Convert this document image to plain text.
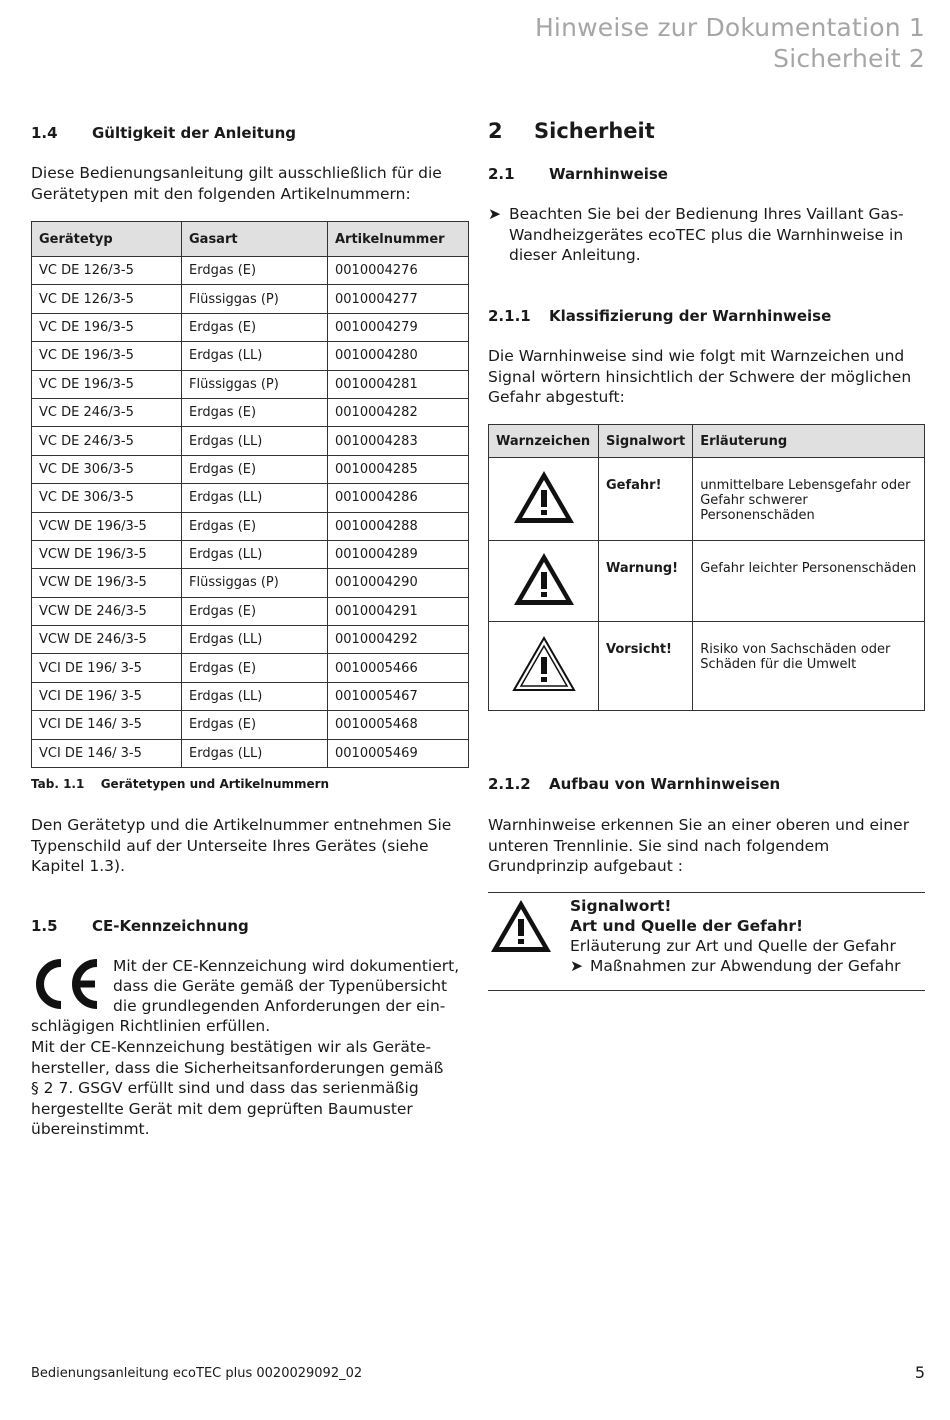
Hinweise zur Dokumentation 1
Sicherheit 2
1.4 Gültigkeit der Anleitung
Diese Bedienungsanleitung gilt ausschließlich für die Gerätetypen mit den folgenden Artikelnummern:
Gerätetyp	Gasart	Artikelnummer
VC DE 126/3-5	Erdgas (E)	0010004276
VC DE 126/3-5	Flüssiggas (P)	0010004277
VC DE 196/3-5	Erdgas (E)	0010004279
VC DE 196/3-5	Erdgas (LL)	0010004280
VC DE 196/3-5	Flüssiggas (P)	0010004281
VC DE 246/3-5	Erdgas (E)	0010004282
VC DE 246/3-5	Erdgas (LL)	0010004283
VC DE 306/3-5	Erdgas (E)	0010004285
VC DE 306/3-5	Erdgas (LL)	0010004286
VCW DE 196/3-5	Erdgas (E)	0010004288
VCW DE 196/3-5	Erdgas (LL)	0010004289
VCW DE 196/3-5	Flüssiggas (P)	0010004290
VCW DE 246/3-5	Erdgas (E)	0010004291
VCW DE 246/3-5	Erdgas (LL)	0010004292
VCI DE 196/ 3-5	Erdgas (E)	0010005466
VCI DE 196/ 3-5	Erdgas (LL)	0010005467
VCI DE 146/ 3-5	Erdgas (E)	0010005468
VCI DE 146/ 3-5	Erdgas (LL)	0010005469
Tab. 1.1 Gerätetypen und Artikelnummern
Den Gerätetyp und die Artikelnummer entnehmen Sie Typenschild auf der Unterseite Ihres Gerätes (siehe Kapitel 1.3).
1.5 CE-Kennzeichnung
Mit der CE-Kennzeichung wird dokumentiert,
dass die Geräte gemäß der Typenübersicht
die grundlegenden Anforderungen der ein-
schlägigen Richtlinien erfüllen.
Mit der CE-Kennzeichung bestätigen wir als Geräte-hersteller, dass die Sicherheitsanforderungen gemäß § 2 7. GSGV erfüllt sind und dass das serienmäßig hergestellte Gerät mit dem geprüften Baumuster übereinstimmt.
2 Sicherheit
2.1 Warnhinweise
➤ Beachten Sie bei der Bedienung Ihres Vaillant Gas-Wandheizgerätes ecoTEC plus die Warnhinweise in dieser Anleitung.
2.1.1 Klassifizierung der Warnhinweise
Die Warnhinweise sind wie folgt mit Warnzeichen und Signal wörtern hinsichtlich der Schwere der möglichen Gefahr abgestuft:
Warnzeichen	Signalwort	Erläuterung
	Gefahr!	unmittelbare Lebensgefahr oder Gefahr schwerer Personenschäden
	Warnung!	Gefahr leichter Personenschäden
	Vorsicht!	Risiko von Sachschäden oder Schäden für die Umwelt
2.1.2 Aufbau von Warnhinweisen
Warnhinweise erkennen Sie an einer oberen und einer unteren Trennlinie. Sie sind nach folgendem Grundprinzip aufgebaut :
Signalwort!
Art und Quelle der Gefahr!
Erläuterung zur Art und Quelle der Gefahr
➤ Maßnahmen zur Abwendung der Gefahr
Bedienungsanleitung ecoTEC plus 0020029092_02	5
